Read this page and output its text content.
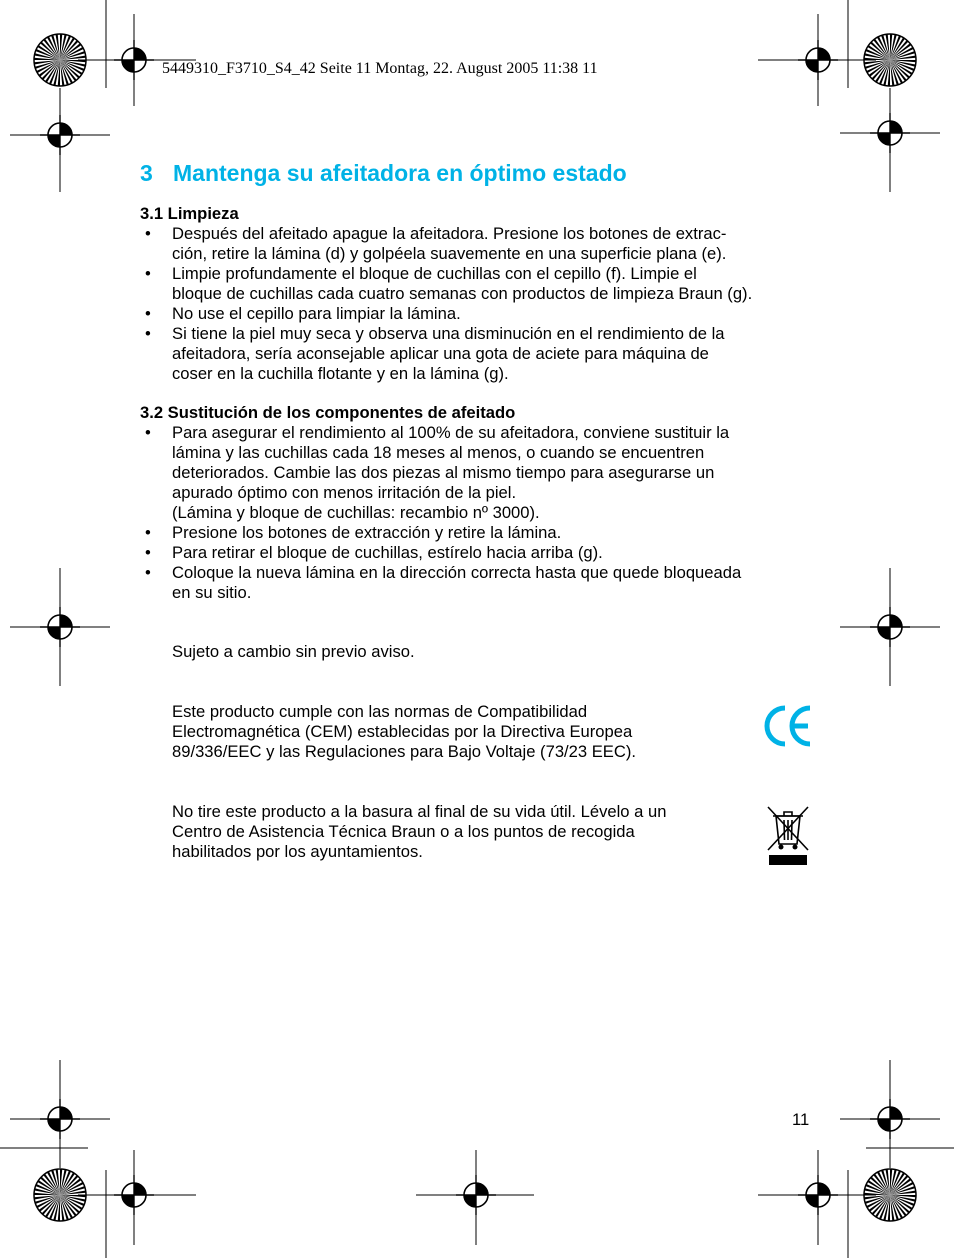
5449310_F3710_S4_42 Seite 11 Montag, 22. August 2005 11:38 11
3 Mantenga su afeitadora en óptimo estado
3.1 Limpieza
• Después del afeitado apague la afeitadora. Presione los botones de extrac-
ción, retire la lámina (d) y golpéela suavemente en una superficie plana (e).
• Limpie profundamente el bloque de cuchillas con el cepillo (f). Limpie el
bloque de cuchillas cada cuatro semanas con productos de limpieza Braun (g).
• No use el cepillo para limpiar la lámina.
• Si tiene la piel muy seca y observa una disminución en el rendimiento de la
afeitadora, sería aconsejable aplicar una gota de aciete para máquina de
coser en la cuchilla flotante y en la lámina (g).
3.2 Sustitución de los componentes de afeitado
• Para asegurar el rendimiento al 100% de su afeitadora, conviene sustituir la
lámina y las cuchillas cada 18 meses al menos, o cuando se encuentren
deteriorados. Cambie las dos piezas al mismo tiempo para asegurarse un
apurado óptimo con menos irritación de la piel.
(Lámina y bloque de cuchillas: recambio nº 3000).
• Presione los botones de extracción y retire la lámina.
• Para retirar el bloque de cuchillas, estírelo hacia arriba (g).
• Coloque la nueva lámina en la dirección correcta hasta que quede bloqueada
en su sitio.

Sujeto a cambio sin previo aviso.

Este producto cumple con las normas de Compatibilidad

Electromagnética (CEM) establecidas por la Directiva Europea

89/336/EEC y las Regulaciones para Bajo Voltaje (73/23 EEC).

No tire este producto a la basura al final de su vida útil. Lévelo a un

Centro de Asistencia Técnica Braun o a los puntos de recogida

habilitados por los ayuntamientos.

11
